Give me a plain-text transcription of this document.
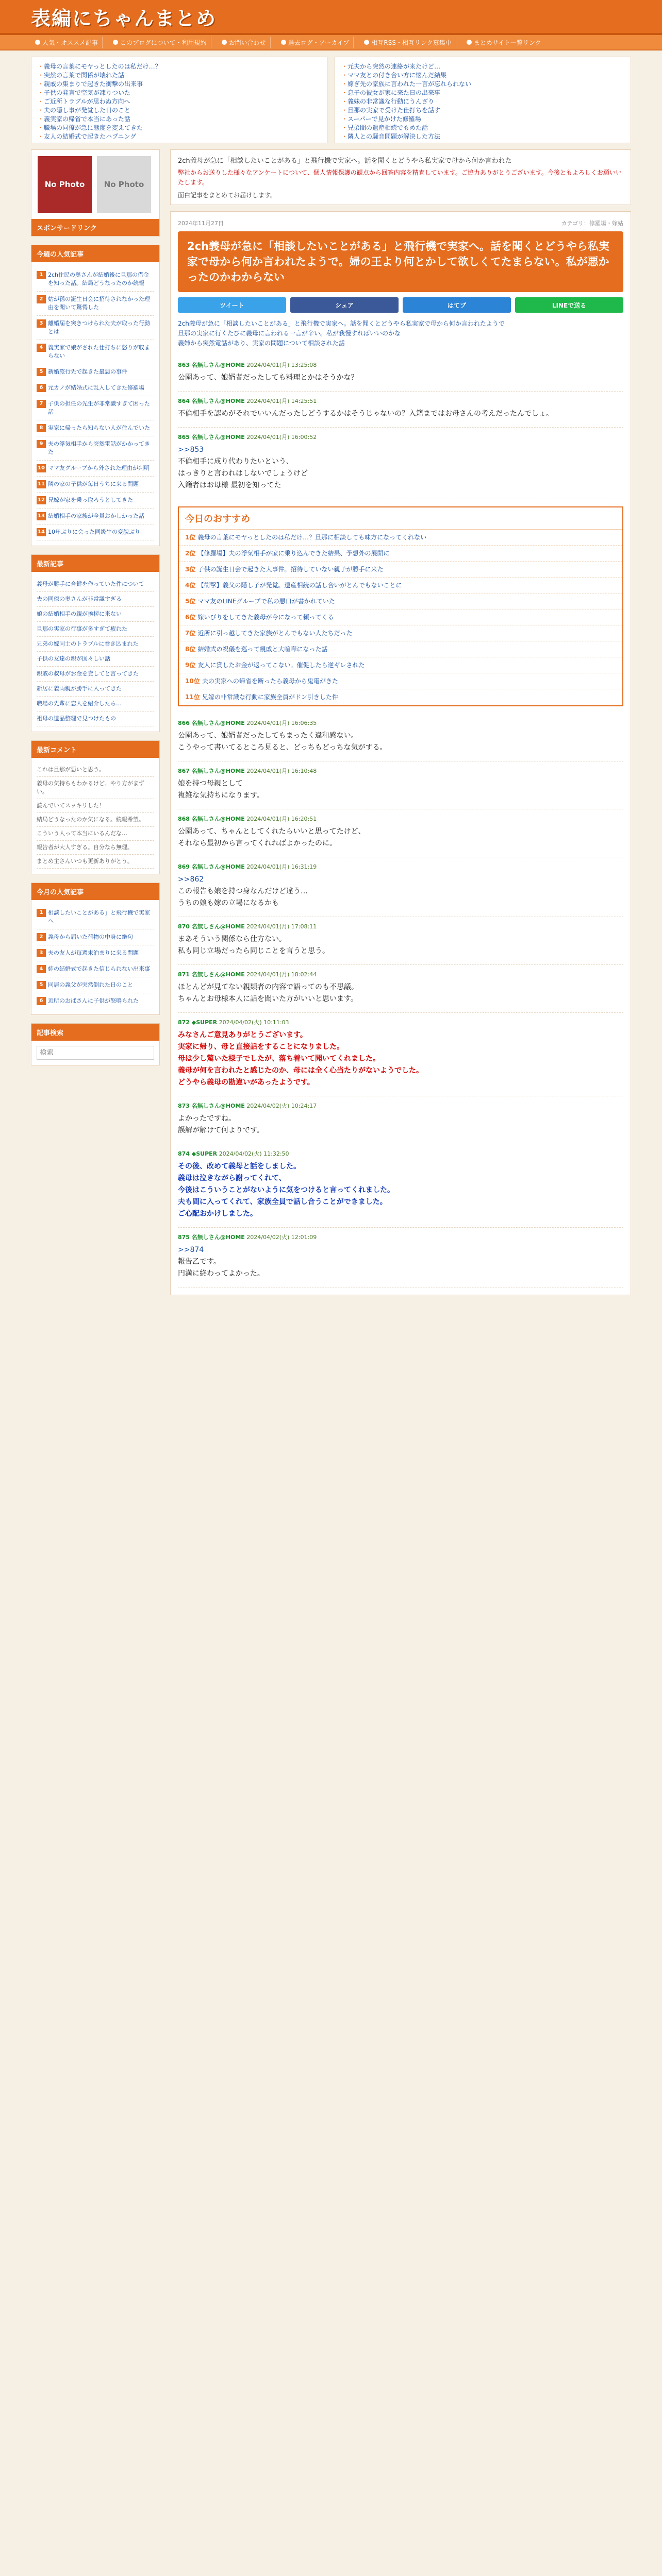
表編にちゃんまとめ
人気・オススメ記事	このブログについて・利用規約	お問い合わせ	過去ログ・アーカイブ	相互RSS・相互リンク募集中	まとめサイト一覧リンク
・ 義母の言葉にモヤっとしたのは私だけ…？
・ 突然の言葉で関係が壊れた話
・ 親戚の集まりで起きた衝撃の出来事
・ 子供の発言で空気が凍りついた
・ ご近所トラブルが思わぬ方向へ
・ 夫の隠し事が発覚した日のこと
・ 義実家の帰省で本当にあった話
・ 職場の同僚が急に態度を変えてきた
・ 友人の結婚式で起きたハプニング
・ 元夫から突然の連絡が来たけど…
・ ママ友との付き合い方に悩んだ結果
・ 嫁ぎ先の家族に言われた一言が忘れられない
・ 息子の彼女が家に来た日の出来事
・ 義妹の非常識な行動にうんざり
・ 旦那の実家で受けた仕打ちを話す
・ スーパーで見かけた修羅場
・ 兄弟間の遺産相続でもめた話
・ 隣人との騒音問題が解決した方法
No Photo	No Photo
スポンサードリンク
今週の人気記事
1 2ch住民の奥さんが結婚後に旦那の借金を知った話。結局どうなったのか続報
2 姑が孫の誕生日会に招待されなかった理由を聞いて驚愕した
3 離婚届を突きつけられた夫が取った行動とは
4 義実家で娘がされた仕打ちに怒りが収まらない
5 新婚旅行先で起きた最悪の事件
6 元カノが結婚式に乱入してきた修羅場
7 子供の担任の先生が非常識すぎて困った話
8 実家に帰ったら知らない人が住んでいた
9 夫の浮気相手から突然電話がかかってきた
10 ママ友グループから外された理由が判明
11 隣の家の子供が毎日うちに来る問題
12 兄嫁が家を乗っ取ろうとしてきた
13 結婚相手の家族が全員おかしかった話
14 10年ぶりに会った同級生の変貌ぶり
最新記事
義母が勝手に合鍵を作っていた件について
夫の同僚の奥さんが非常識すぎる
娘の結婚相手の親が挨拶に来ない
旦那の実家の行事が多すぎて疲れた
兄弟の嫁同士のトラブルに巻き込まれた
子供の友達の親が図々しい話
親戚の叔母がお金を貸してと言ってきた
新居に義両親が勝手に入ってきた
職場の先輩に恋人を紹介したら…
祖母の遺品整理で見つけたもの
最新コメント

これは旦那が悪いと思う。

義母の気持ちもわかるけど、やり方がまずい。

読んでいてスッキリした！

結局どうなったのか気になる。続報希望。

こういう人って本当にいるんだな…

報告者が大人すぎる。自分なら無理。

まとめ主さんいつも更新ありがとう。

今月の人気記事
1 相談したいことがある」と飛行機で実家へ
2 義母から届いた荷物の中身に絶句
3 夫の友人が毎週末泊まりに来る問題
4 姉の結婚式で起きた信じられない出来事
5 同居の義父が突然倒れた日のこと
6 近所のおばさんに子供が怒鳴られた
記事検索
検索
2ch義母が急に「相談したいことがある」と飛行機で実家へ。話を聞くとどうやら私実家で母から何か言われた
弊社からお送りした様々なアンケートについて、個人情報保護の観点から回答内容を精査しています。ご協力ありがとうございます。今後ともよろしくお願いいたします。
面白記事をまとめてお届けします。
2024年11月27日	カテゴリ：修羅場・嫁姑
2ch義母が急に「相談したいことがある」と飛行機で実家へ。話を聞くとどうやら私実家で母から何か言われたようで。婦の王より何とかして欲しくてたまらない。私が悪かったのかわからない
ツイート	シェア	はてブ	LINEで送る
2ch義母が急に「相談したいことがある」と飛行機で実家へ。話を聞くとどうやら私実家で母から何か言われたようで
旦那の実家に行くたびに義母に言われる一言が辛い。私が我慢すればいいのかな
義姉から突然電話があり、実家の問題について相談された話
863 名無しさん@HOME 2024/04/01(月) 13:25:08
公園あって、娘婿者だったしても料理とかはそうかな？
864 名無しさん@HOME 2024/04/01(月) 14:25:51
不倫相手を認めがそれでいいんだったしどうするかはそうじゃないの？入籍まではお母さんの考えだったんでしょ。
865 名無しさん@HOME 2024/04/01(月) 16:00:52
>>853
不倫相手に成り代わりたいという、
はっきりと言われはしないでしょうけど
入籍者はお母様 最初を知ってた
今日のおすすめ
1位 義母の言葉にモヤっとしたのは私だけ…？旦那に相談しても味方になってくれない
2位 【修羅場】夫の浮気相手が家に乗り込んできた結果、予想外の展開に
3位 子供の誕生日会で起きた大事件。招待していない親子が勝手に来た
4位 【衝撃】義父の隠し子が発覚。遺産相続の話し合いがとんでもないことに
5位 ママ友のLINEグループで私の悪口が書かれていた
6位 嫁いびりをしてきた義母が今になって頼ってくる
7位 近所に引っ越してきた家族がとんでもない人たちだった
8位 結婚式の祝儀を巡って親戚と大喧嘩になった話
9位 友人に貸したお金が返ってこない。催促したら逆ギレされた
10位 夫の実家への帰省を断ったら義母から鬼電がきた
11位 兄嫁の非常識な行動に家族全員がドン引きした件
866 名無しさん@HOME 2024/04/01(月) 16:06:35
公園あって、娘婿者だったしてもまったく違和感ない。
こうやって書いてるところ見ると、どっちもどっちな気がする。
867 名無しさん@HOME 2024/04/01(月) 16:10:48
娘を持つ母親として
複雑な気持ちになります。
868 名無しさん@HOME 2024/04/01(月) 16:20:51
公園あって、ちゃんとしてくれたらいいと思ってたけど、
それなら最初から言ってくれればよかったのに。
869 名無しさん@HOME 2024/04/01(月) 16:31:19
>>862
この報告も娘を持つ身なんだけど違う…
うちの娘も嫁の立場になるかも
870 名無しさん@HOME 2024/04/01(月) 17:08:11
まあそういう関係なら仕方ない。
私も同じ立場だったら同じことを言うと思う。
871 名無しさん@HOME 2024/04/01(月) 18:02:44
ほとんどが見てない親類者の内容で語ってのも不思議。
ちゃんとお母様本人に話を聞いた方がいいと思います。
872 ◆SUPER 2024/04/02(火) 10:11:03
みなさんご意見ありがとうございます。
実家に帰り、母と直接話をすることになりました。
母は少し驚いた様子でしたが、落ち着いて聞いてくれました。
義母が何を言われたと感じたのか、母には全く心当たりがないようでした。
どうやら義母の勘違いがあったようです。
873 名無しさん@HOME 2024/04/02(火) 10:24:17
よかったですね。
誤解が解けて何よりです。
874 ◆SUPER 2024/04/02(火) 11:32:50
その後、改めて義母と話をしました。
義母は泣きながら謝ってくれて、
今後はこういうことがないように気をつけると言ってくれました。
夫も間に入ってくれて、家族全員で話し合うことができました。
ご心配おかけしました。
875 名無しさん@HOME 2024/04/02(火) 12:01:09
>>874
報告乙です。
円満に終わってよかった。
